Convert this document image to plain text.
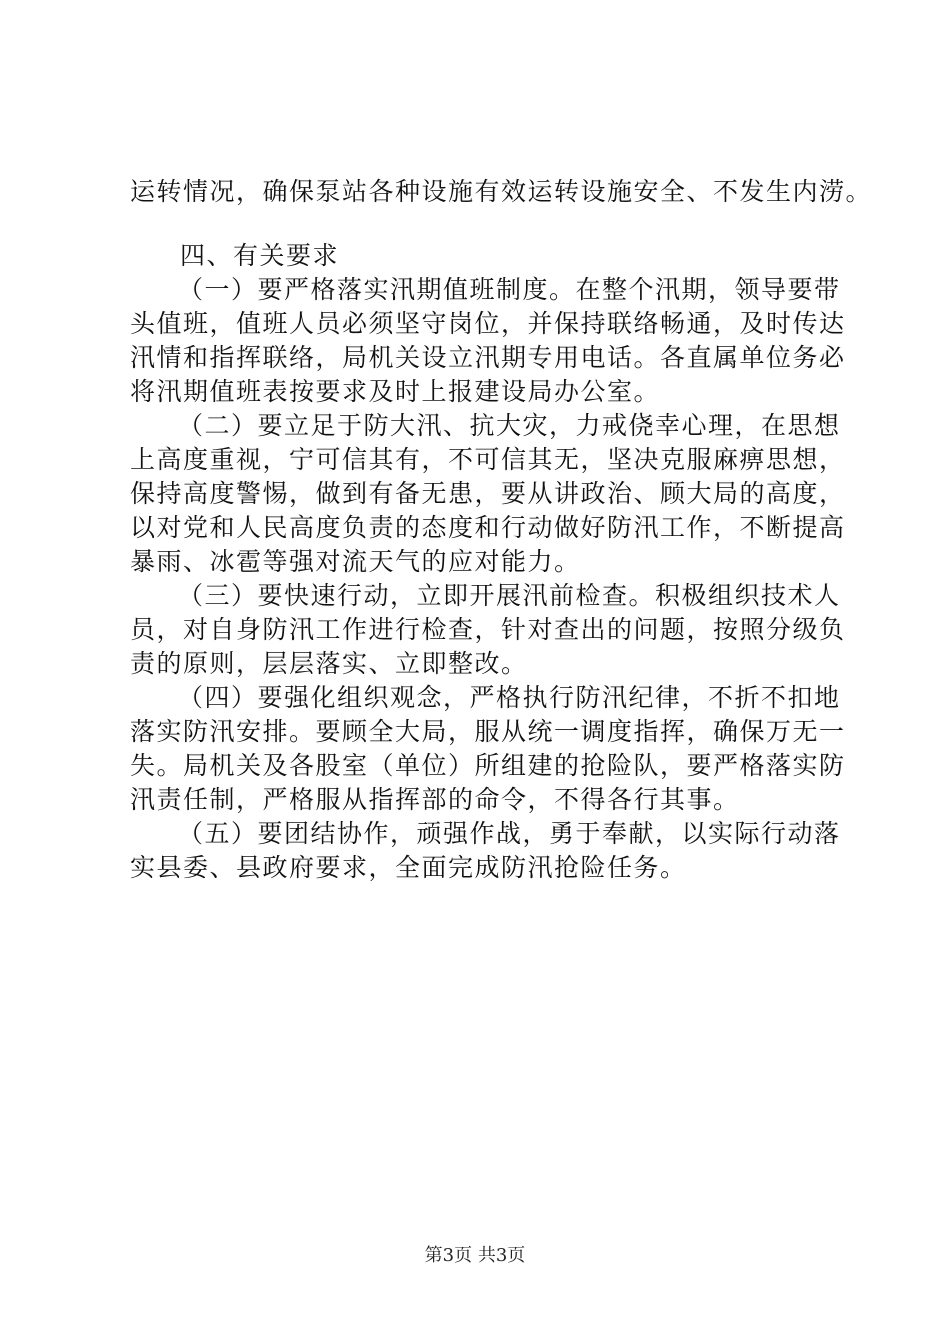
运转情况，确保泵站各种设施有效运转设施安全、不发生内涝。
四、有关要求
（一）要严格落实汛期值班制度。在整个汛期，领导要带
头值班，值班人员必须坚守岗位，并保持联络畅通，及时传达
汛情和指挥联络，局机关设立汛期专用电话。各直属单位务必
将汛期值班表按要求及时上报建设局办公室。
（二）要立足于防大汛、抗大灾，力戒侥幸心理，在思想
上高度重视，宁可信其有，不可信其无，坚决克服麻痹思想，
保持高度警惕，做到有备无患，要从讲政治、顾大局的高度，
以对党和人民高度负责的态度和行动做好防汛工作，不断提高
暴雨、冰雹等强对流天气的应对能力。
（三）要快速行动，立即开展汛前检查。积极组织技术人
员，对自身防汛工作进行检查，针对查出的问题，按照分级负
责的原则，层层落实、立即整改。
（四）要强化组织观念，严格执行防汛纪律，不折不扣地
落实防汛安排。要顾全大局，服从统一调度指挥，确保万无一
失。局机关及各股室（单位）所组建的抢险队，要严格落实防
汛责任制，严格服从指挥部的命令，不得各行其事。
（五）要团结协作，顽强作战，勇于奉献，以实际行动落
实县委、县政府要求，全面完成防汛抢险任务。
第3页 共3页
